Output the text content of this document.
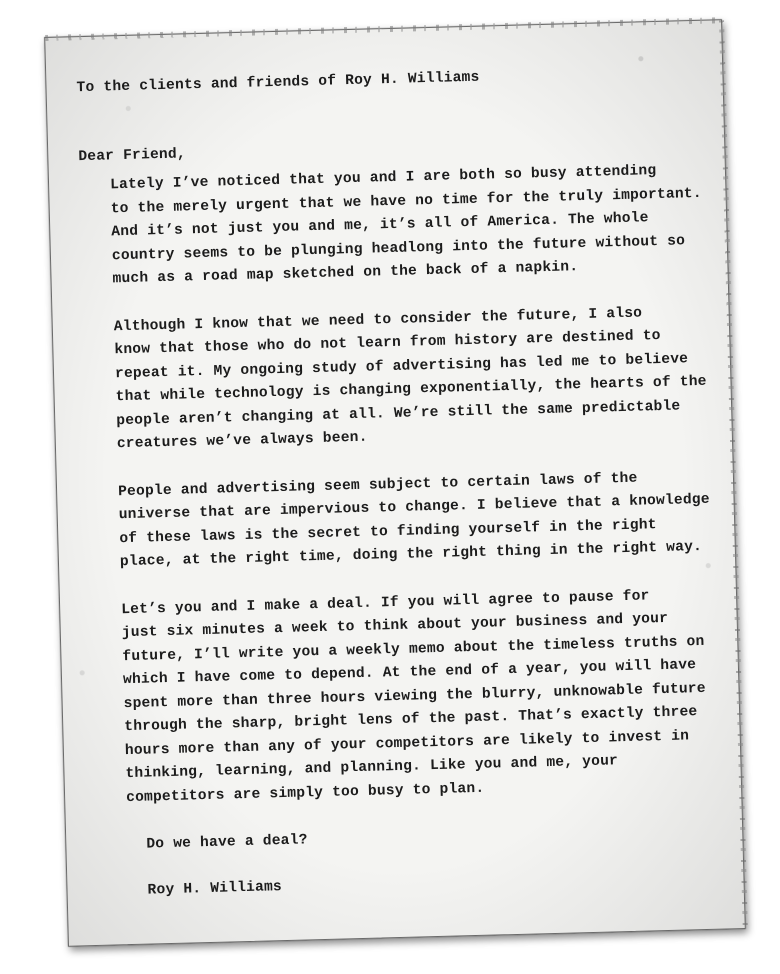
To the clients and friends of Roy H. Williams

Dear Friend,

Lately I’ve noticed that you and I are both so busy attending
to the merely urgent that we have no time for the truly important.
And it’s not just you and me, it’s all of America. The whole
country seems to be plunging headlong into the future without so
much as a road map sketched on the back of a napkin.
Although I know that we need to consider the future, I also
know that those who do not learn from history are destined to
repeat it. My ongoing study of advertising has led me to believe
that while technology is changing exponentially, the hearts of the
people aren’t changing at all. We’re still the same predictable
creatures we’ve always been.
People and advertising seem subject to certain laws of the
universe that are impervious to change. I believe that a knowledge
of these laws is the secret to finding yourself in the right
place, at the right time, doing the right thing in the right way.
Let’s you and I make a deal. If you will agree to pause for
just six minutes a week to think about your business and your
future, I’ll write you a weekly memo about the timeless truths on
which I have come to depend. At the end of a year, you will have
spent more than three hours viewing the blurry, unknowable future
through the sharp, bright lens of the past. That’s exactly three
hours more than any of your competitors are likely to invest in
thinking, learning, and planning. Like you and me, your
competitors are simply too busy to plan.

Do we have a deal?

Roy H. Williams
